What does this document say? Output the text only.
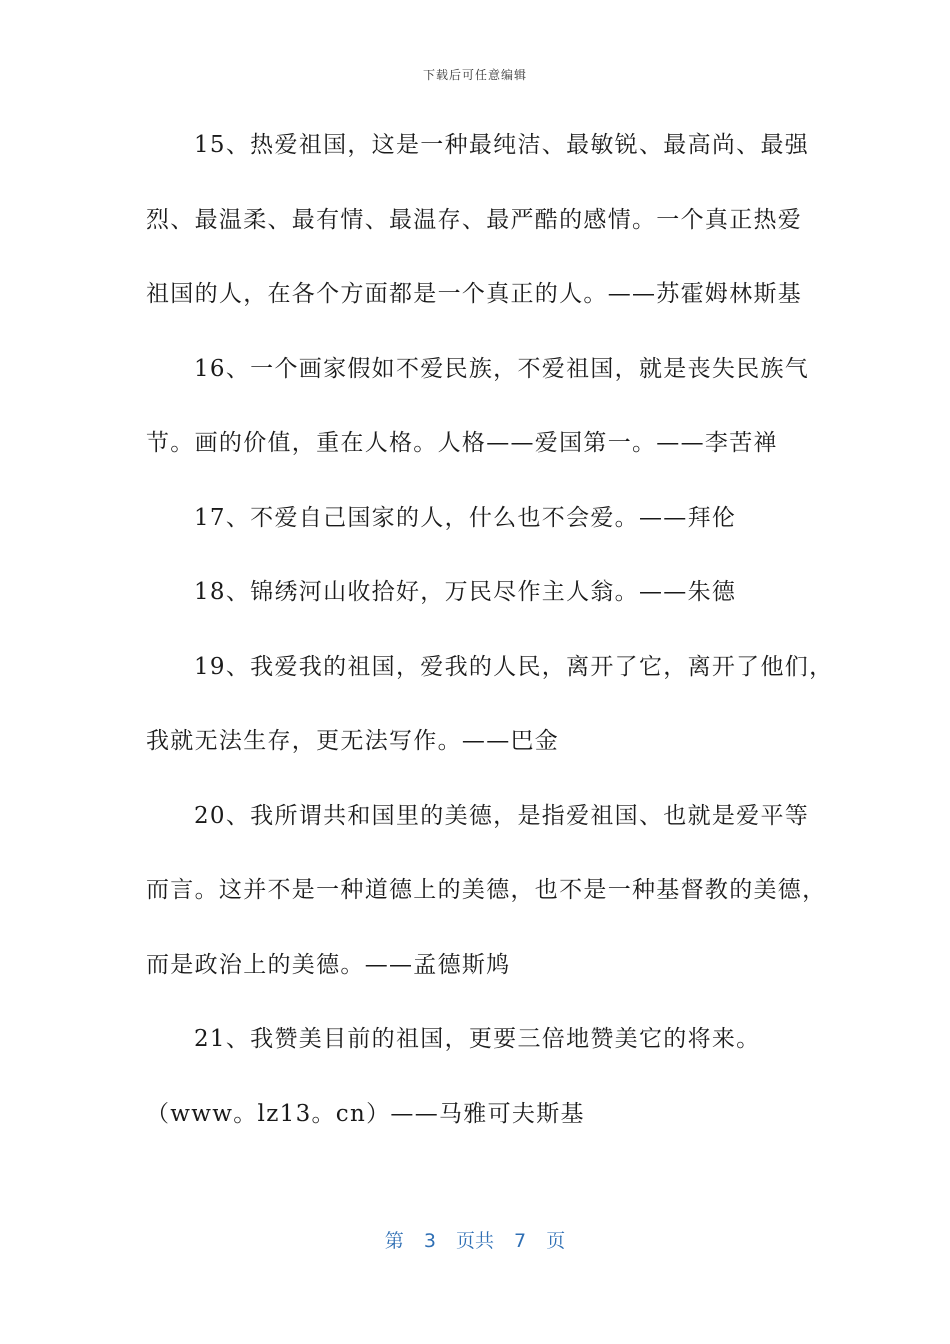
下载后可任意编辑
15、热爱祖国，这是一种最纯洁、最敏锐、最高尚、最强
烈、最温柔、最有情、最温存、最严酷的感情。一个真正热爱
祖国的人，在各个方面都是一个真正的人。——苏霍姆林斯基
16、一个画家假如不爱民族，不爱祖国，就是丧失民族气
节。画的价值，重在人格。人格——爱国第一。——李苦禅
17、不爱自己国家的人，什么也不会爱。——拜伦
18、锦绣河山收拾好，万民尽作主人翁。——朱德
19、我爱我的祖国，爱我的人民，离开了它，离开了他们，
我就无法生存，更无法写作。——巴金
20、我所谓共和国里的美德，是指爱祖国、也就是爱平等
而言。这并不是一种道德上的美德，也不是一种基督教的美德，
而是政治上的美德。——孟德斯鸠
21、我赞美目前的祖国，更要三倍地赞美它的将来。
（www。lz13。cn）——马雅可夫斯基
第 3 页共 7 页
